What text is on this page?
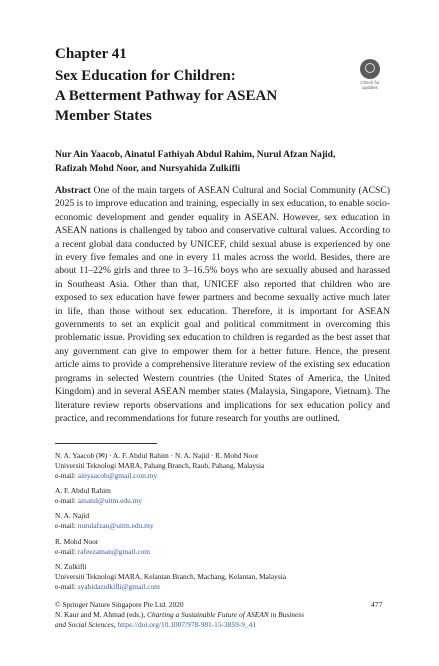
Chapter 41
Sex Education for Children:
A Betterment Pathway for ASEAN
Member States
Check for
updates
Nur Ain Yaacob, Ainatul Fathiyah Abdul Rahim, Nurul Afzan Najid,
Rafizah Mohd Noor, and Nursyahida Zulkifli
Abstract One of the main targets of ASEAN Cultural and Social Community (ACSC) 2025 is to improve education and training, especially in sex education, to enable socio-economic development and gender equality in ASEAN. However, sex education in ASEAN nations is challenged by taboo and conservative cultural values. According to a recent global data conducted by UNICEF, child sexual abuse is experienced by one in every five females and one in every 11 males across the world. Besides, there are about 11–22% girls and three to 3–16.5% boys who are sexually abused and harassed in Southeast Asia. Other than that, UNICEF also reported that children who are exposed to sex education have fewer partners and become sexually active much later in life, than those without sex education. Therefore, it is important for ASEAN governments to set an explicit goal and political commitment in overcoming this problematic issue. Providing sex education to children is regarded as the best asset that any government can give to empower them for a better future. Hence, the present article aims to provide a comprehensive literature review of the existing sex education programs in selected Western countries (the United States of America, the United Kingdom) and in several ASEAN member states (Malaysia, Singapore, Vietnam). The literature review reports observations and implications for sex education policy and practice, and recommendations for future research for youths are outlined.
N. A. Yaacob (✉) · A. F. Abdul Rahim · N. A. Najid · R. Mohd Noor
Universiti Teknologi MARA, Pahang Branch, Raub, Pahang, Malaysia
e-mail: ainyaacob@gmail.com.my
A. F. Abdul Rahim
e-mail: ainatul@uitm.edu.my
N. A. Najid
e-mail: nurulafzan@uitm.edu.my
R. Mohd Noor
e-mail: rafeezaman@gmail.com
N. Zulkifli
Universiti Teknologi MARA, Kelantan Branch, Machang, Kelantan, Malaysia
e-mail: syahidazulkifli@gmail.com
© Springer Nature Singapore Pte Ltd. 2020
N. Kaur and M. Ahmad (eds.), Charting a Sustainable Future of ASEAN in Business
and Social Sciences, https://doi.org/10.1007/978-981-15-3859-9_41
477
